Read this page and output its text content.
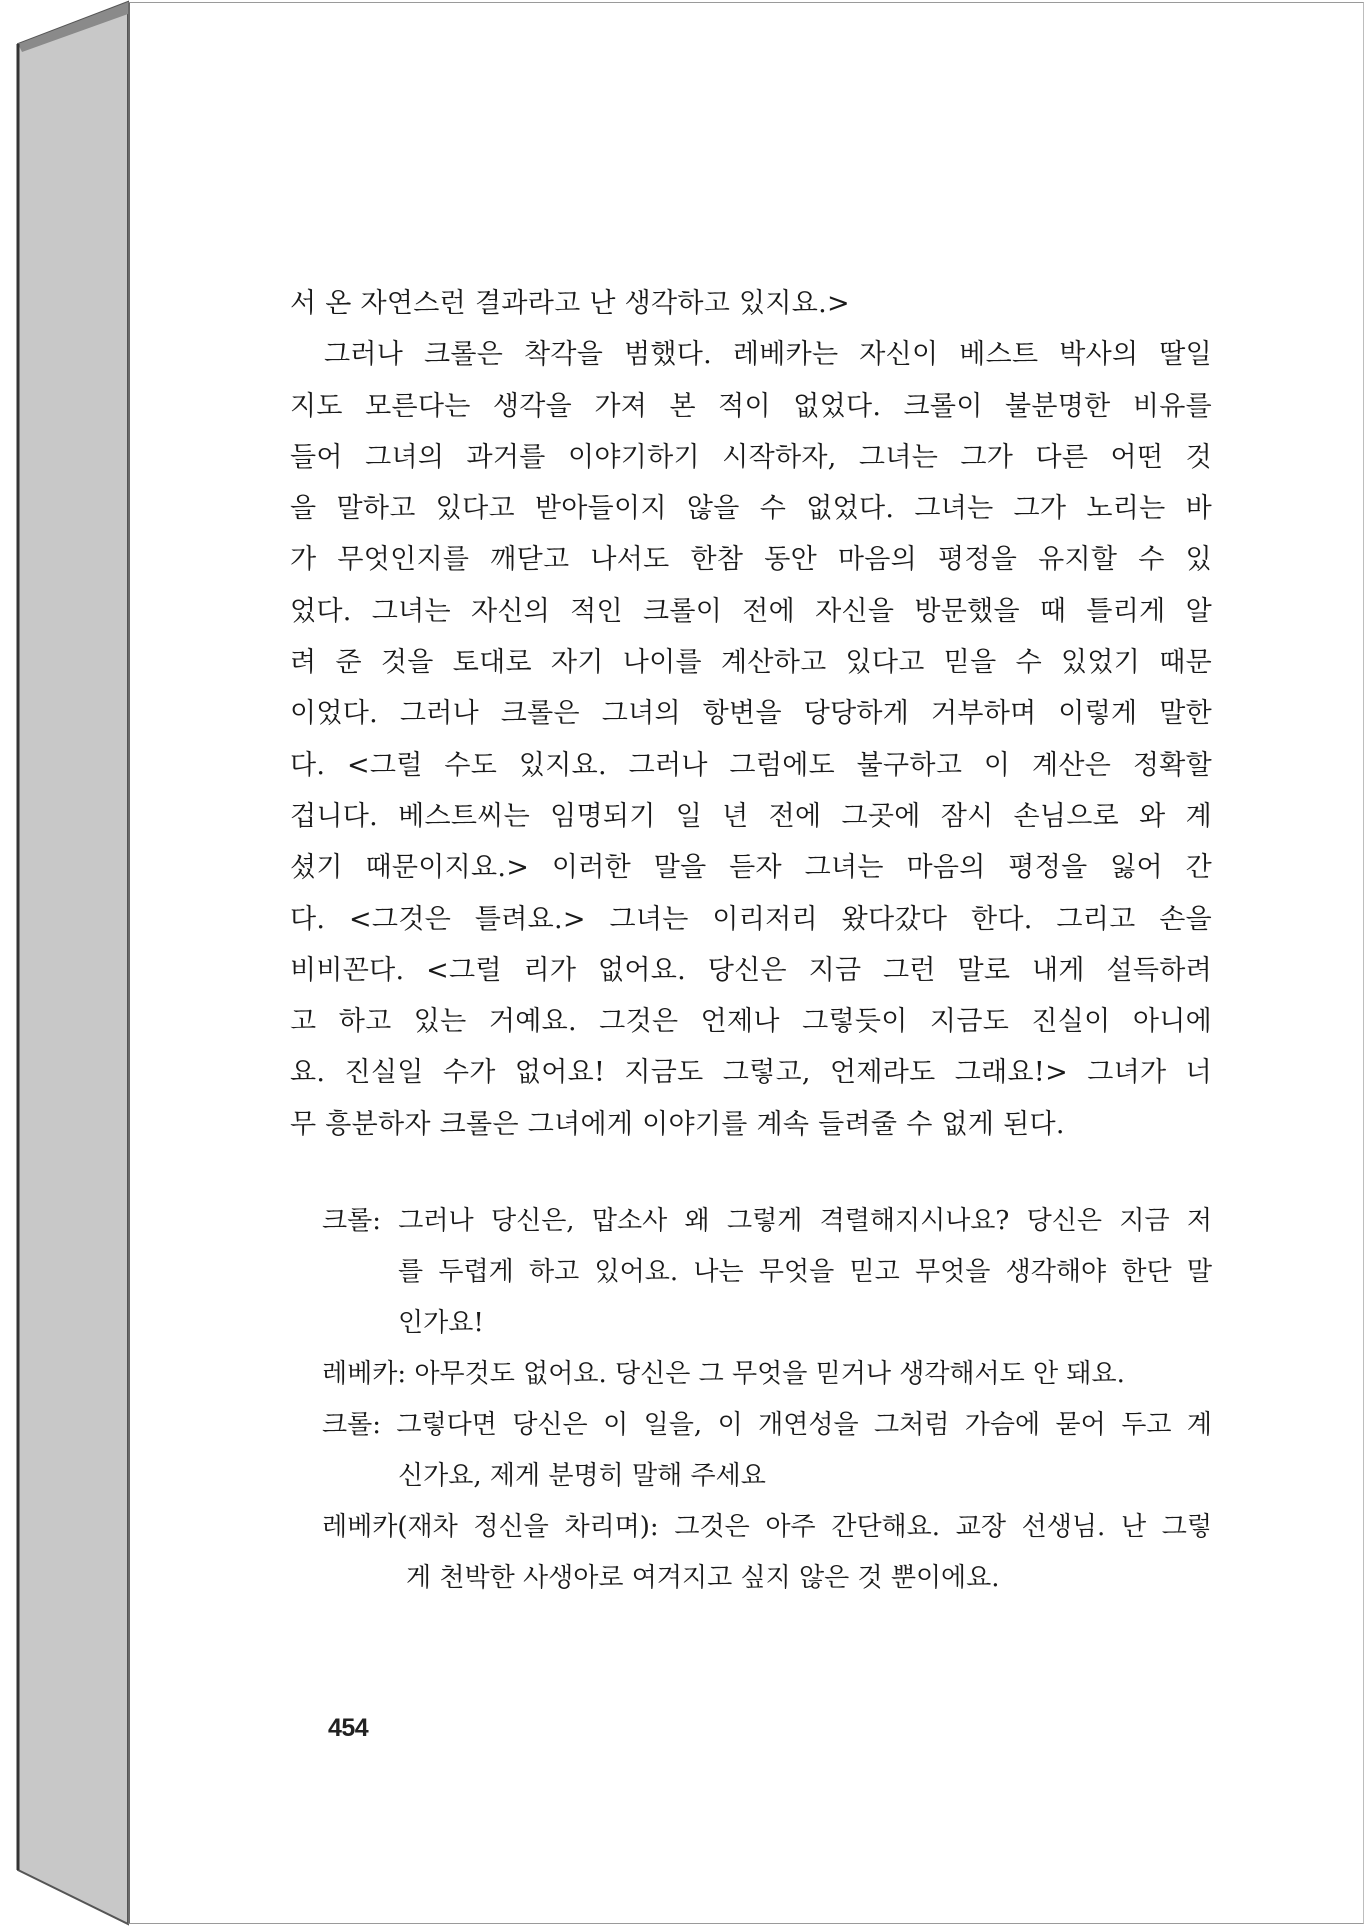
서 온 자연스런 결과라고 난 생각하고 있지요.>
그러나 크롤은 착각을 범했다. 레베카는 자신이 베스트 박사의 딸일
지도 모른다는 생각을 가져 본 적이 없었다. 크롤이 불분명한 비유를
들어 그녀의 과거를 이야기하기 시작하자, 그녀는 그가 다른 어떤 것
을 말하고 있다고 받아들이지 않을 수 없었다. 그녀는 그가 노리는 바
가 무엇인지를 깨닫고 나서도 한참 동안 마음의 평정을 유지할 수 있
었다. 그녀는 자신의 적인 크롤이 전에 자신을 방문했을 때 틀리게 알
려 준 것을 토대로 자기 나이를 계산하고 있다고 믿을 수 있었기 때문
이었다. 그러나 크롤은 그녀의 항변을 당당하게 거부하며 이렇게 말한
다. <그럴 수도 있지요. 그러나 그럼에도 불구하고 이 계산은 정확할
겁니다. 베스트씨는 임명되기 일 년 전에 그곳에 잠시 손님으로 와 계
셨기 때문이지요.> 이러한 말을 듣자 그녀는 마음의 평정을 잃어 간
다. <그것은 틀려요.> 그녀는 이리저리 왔다갔다 한다. 그리고 손을
비비꼰다. <그럴 리가 없어요. 당신은 지금 그런 말로 내게 설득하려
고 하고 있는 거예요. 그것은 언제나 그렇듯이 지금도 진실이 아니에
요. 진실일 수가 없어요! 지금도 그렇고, 언제라도 그래요!> 그녀가 너
무 흥분하자 크롤은 그녀에게 이야기를 계속 들려줄 수 없게 된다.
크롤: 그러나 당신은, 맙소사 왜 그렇게 격렬해지시나요? 당신은 지금 저
를 두렵게 하고 있어요. 나는 무엇을 믿고 무엇을 생각해야 한단 말
인가요!
레베카: 아무것도 없어요. 당신은 그 무엇을 믿거나 생각해서도 안 돼요.
크롤: 그렇다면 당신은 이 일을, 이 개연성을 그처럼 가슴에 묻어 두고 계
신가요, 제게 분명히 말해 주세요
레베카(재차 정신을 차리며): 그것은 아주 간단해요. 교장 선생님. 난 그렇
게 천박한 사생아로 여겨지고 싶지 않은 것 뿐이에요.
454
